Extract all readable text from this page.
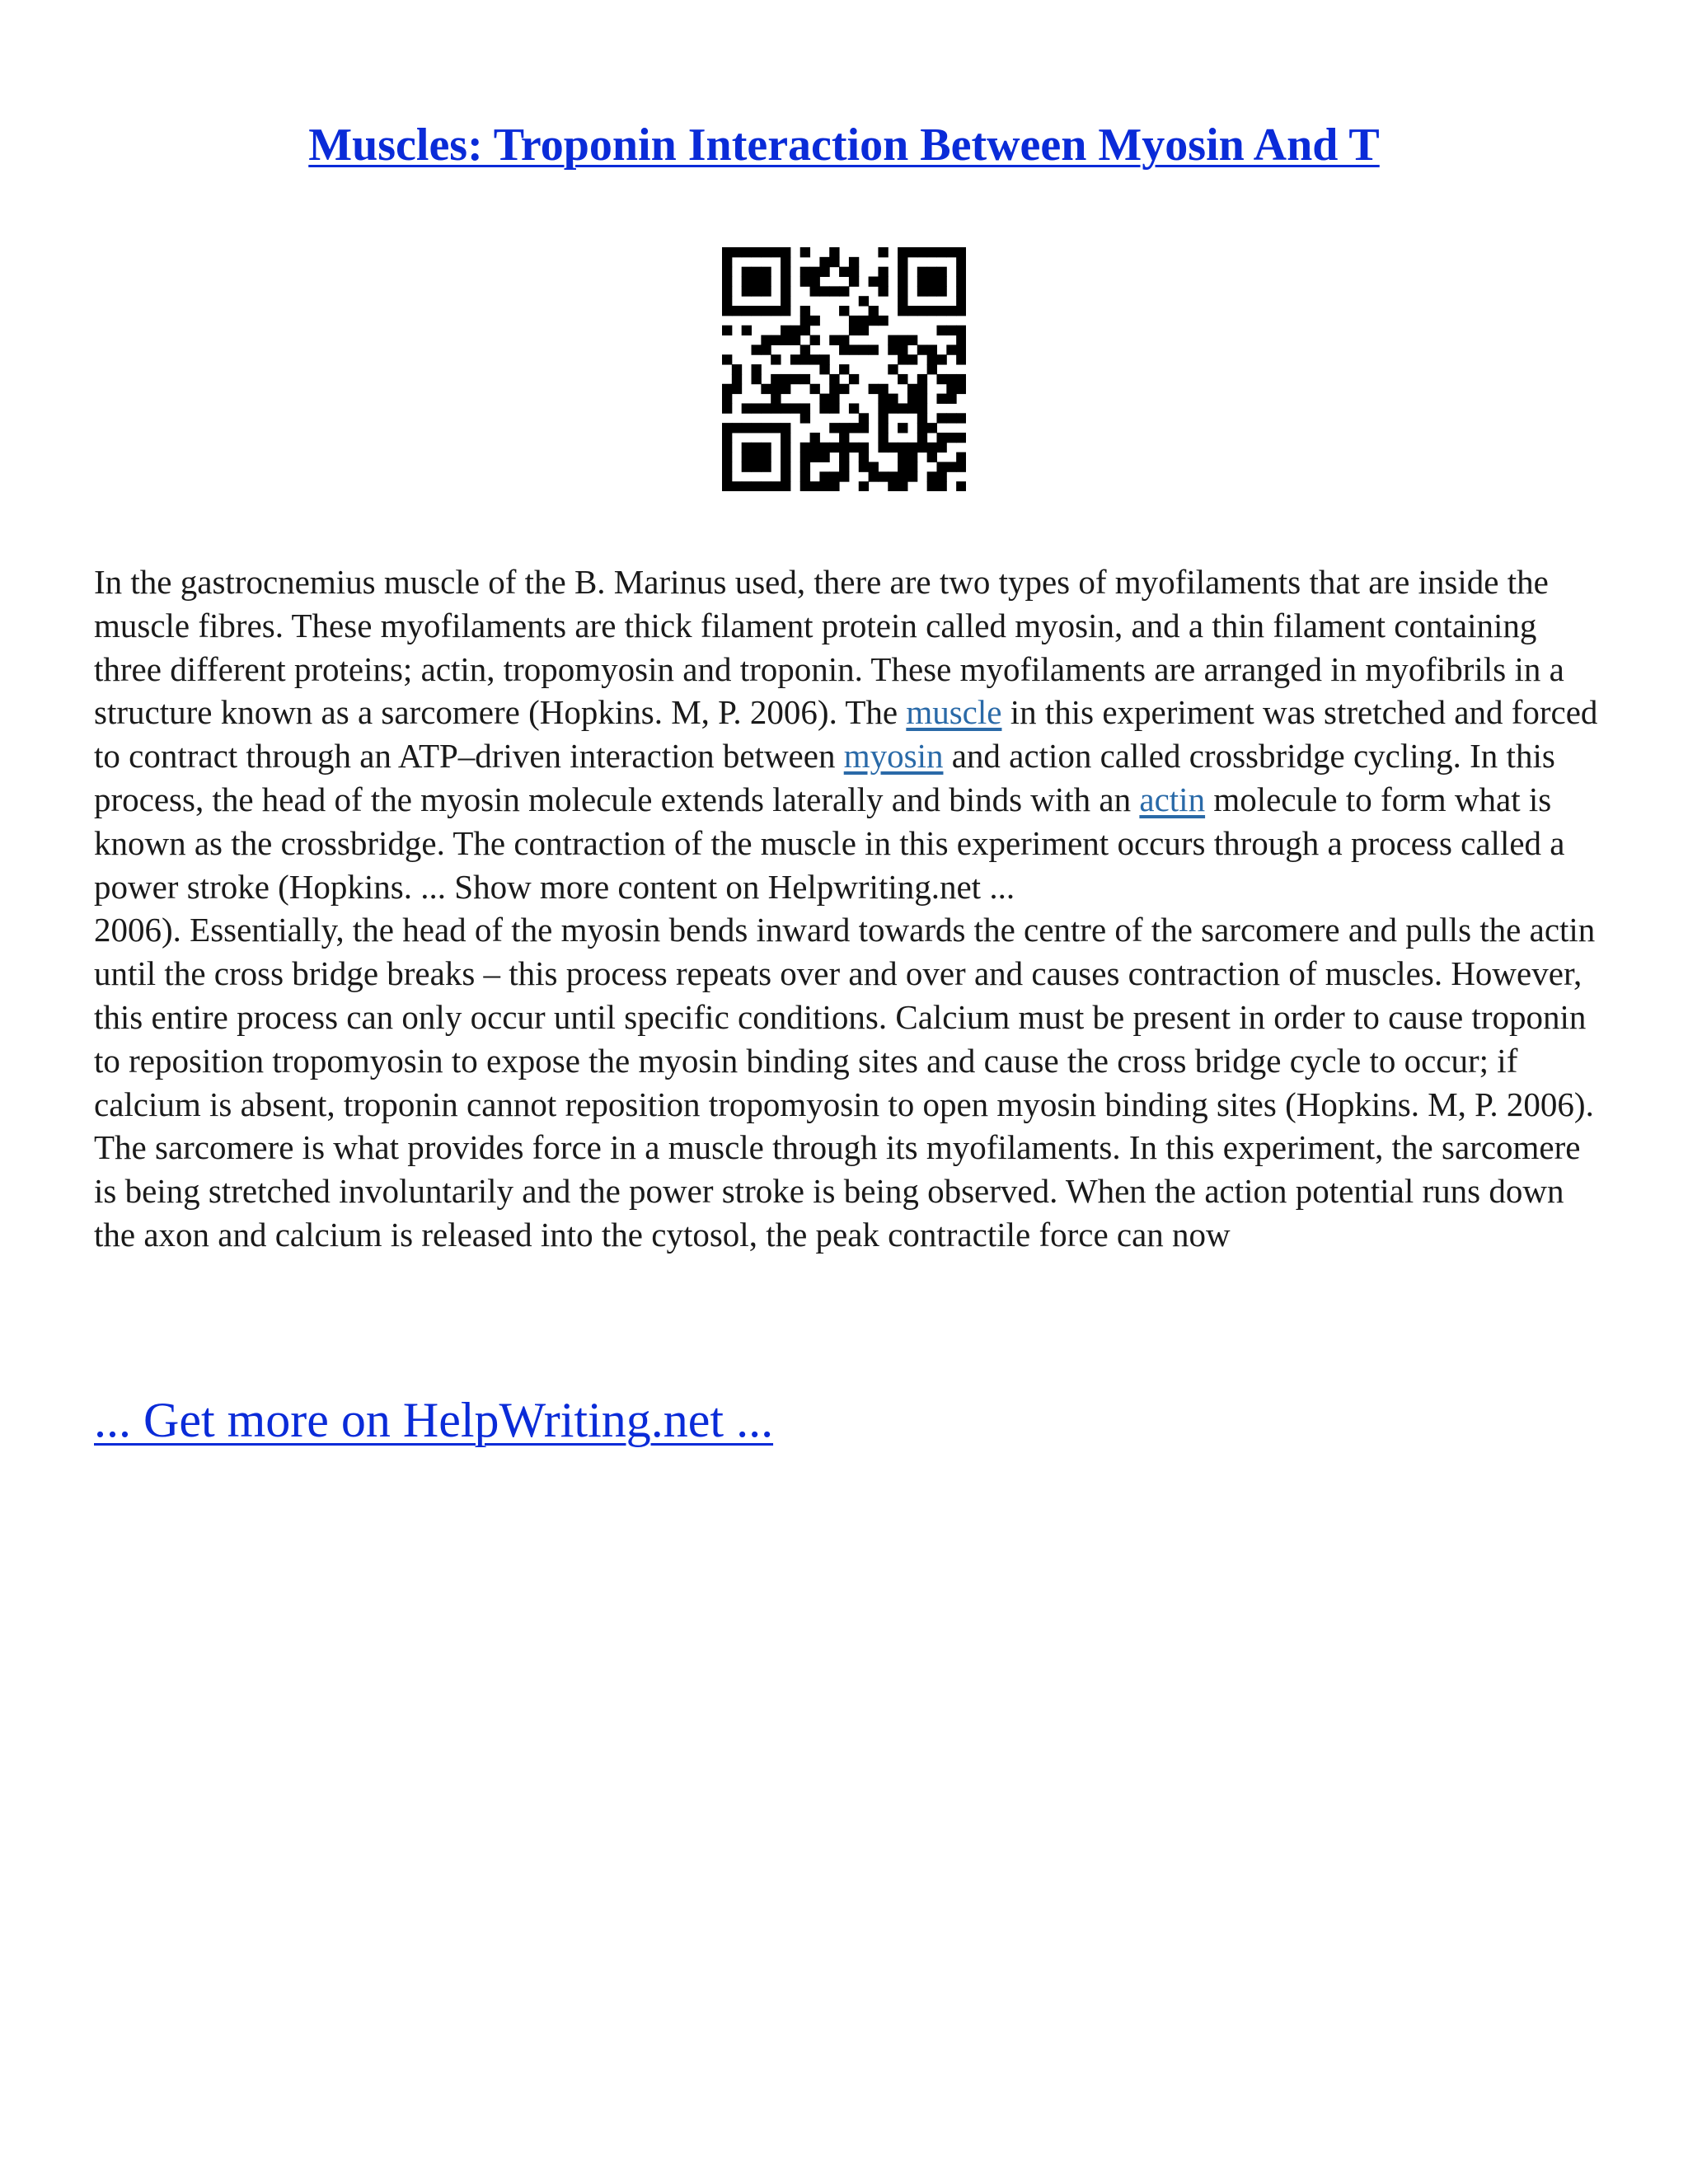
Muscles: Troponin Interaction Between Myosin And T

In the gastrocnemius muscle of the B. Marinus used, there are two types of myofilaments that are inside the muscle fibres. These myofilaments are thick filament protein called myosin, and a thin filament containing three different proteins; actin, tropomyosin and troponin. These myofilaments are arranged in myofibrils in a structure known as a sarcomere (Hopkins. M, P. 2006). The muscle in this experiment was stretched and forced to contract through an ATP–driven interaction between myosin and action called crossbridge cycling. In this process, the head of the myosin molecule extends laterally and binds with an actin molecule to form what is known as the crossbridge. The contraction of the muscle in this experiment occurs through a process called a power stroke (Hopkins. ... Show more content on Helpwriting.net ...

2006). Essentially, the head of the myosin bends inward towards the centre of the sarcomere and pulls the actin until the cross bridge breaks – this process repeats over and over and causes contraction of muscles. However, this entire process can only occur until specific conditions. Calcium must be present in order to cause troponin to reposition tropomyosin to expose the myosin binding sites and cause the cross bridge cycle to occur; if calcium is absent, troponin cannot reposition tropomyosin to open myosin binding sites (Hopkins. M, P. 2006). The sarcomere is what provides force in a muscle through its myofilaments. In this experiment, the sarcomere is being stretched involuntarily and the power stroke is being observed. When the action potential runs down the axon and calcium is released into the cytosol, the peak contractile force can now

... Get more on HelpWriting.net ...
